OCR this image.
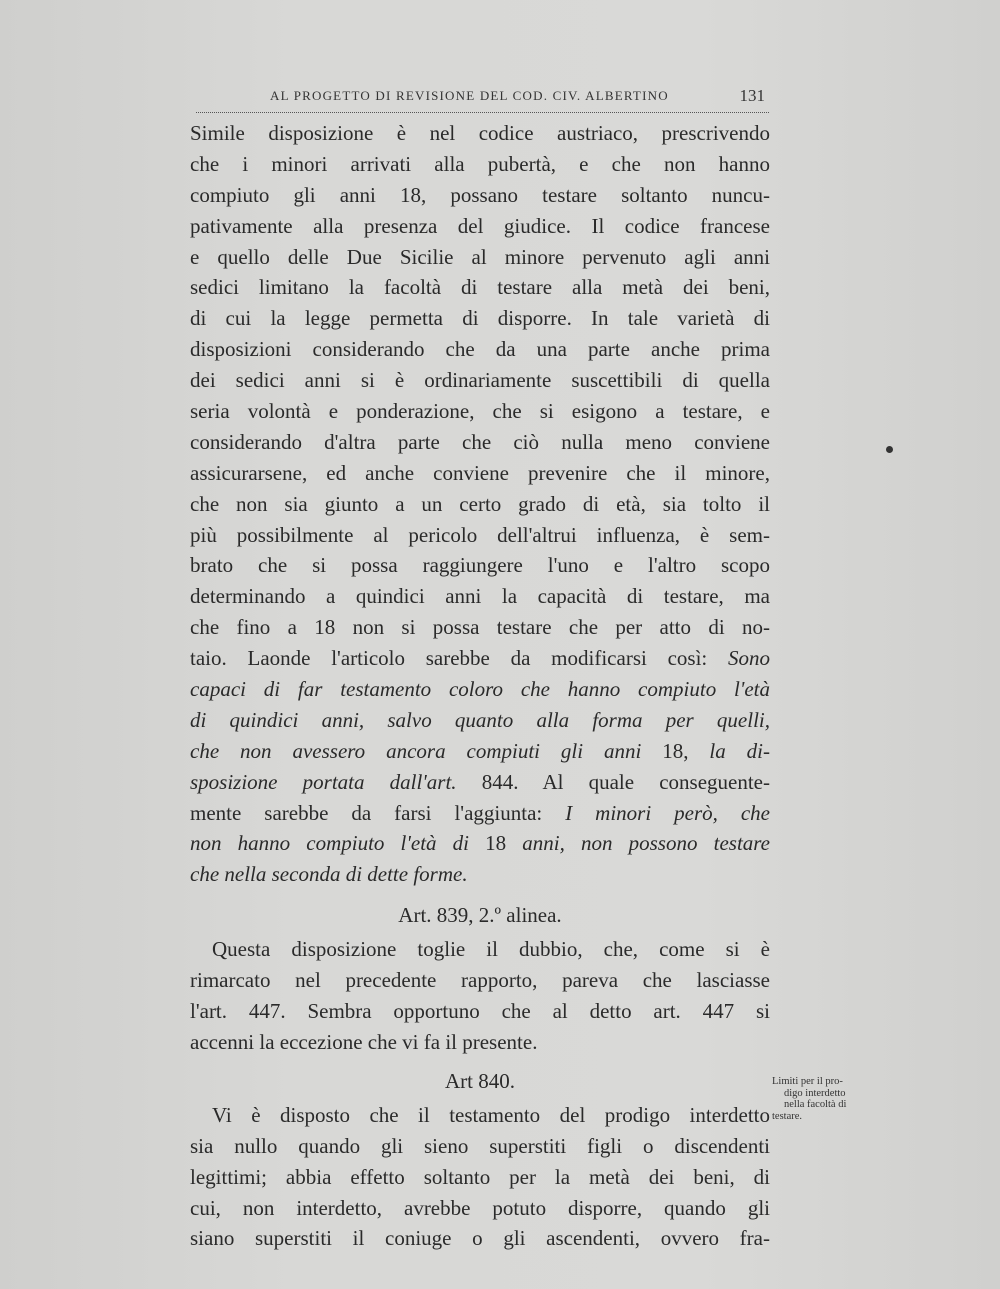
AL PROGETTO DI REVISIONE DEL COD. CIV. ALBERTINO	131
Simile disposizione è nel codice austriaco, prescrivendo
che i minori arrivati alla pubertà, e che non hanno
compiuto gli anni 18, possano testare soltanto nuncu-
pativamente alla presenza del giudice. Il codice francese
e quello delle Due Sicilie al minore pervenuto agli anni
sedici limitano la facoltà di testare alla metà dei beni,
di cui la legge permetta di disporre. In tale varietà di
disposizioni considerando che da una parte anche prima
dei sedici anni si è ordinariamente suscettibili di quella
seria volontà e ponderazione, che si esigono a testare, e
considerando d'altra parte che ciò nulla meno conviene
assicurarsene, ed anche conviene prevenire che il minore,
che non sia giunto a un certo grado di età, sia tolto il
più possibilmente al pericolo dell'altrui influenza, è sem-
brato che si possa raggiungere l'uno e l'altro scopo
determinando a quindici anni la capacità di testare, ma
che fino a 18 non si possa testare che per atto di no-
taio. Laonde l'articolo sarebbe da modificarsi così: Sono
capaci di far testamento coloro che hanno compiuto l'età
di quindici anni, salvo quanto alla forma per quelli,
che non avessero ancora compiuti gli anni 18, la di-
sposizione portata dall'art. 844. Al quale conseguente-
mente sarebbe da farsi l'aggiunta: I minori però, che
non hanno compiuto l'età di 18 anni, non possono testare
che nella seconda di dette forme.
Art. 839, 2.º alinea.
Questa disposizione toglie il dubbio, che, come si è
rimarcato nel precedente rapporto, pareva che lasciasse
l'art. 447. Sembra opportuno che al detto art. 447 si
accenni la eccezione che vi fa il presente.
Art 840.
Vi è disposto che il testamento del prodigo interdetto
sia nullo quando gli sieno superstiti figli o discendenti
legittimi; abbia effetto soltanto per la metà dei beni, di
cui, non interdetto, avrebbe potuto disporre, quando gli
siano superstiti il coniuge o gli ascendenti, ovvero fra-
Limiti per il pro-
digo interdetto
nella facoltà di
testare.
